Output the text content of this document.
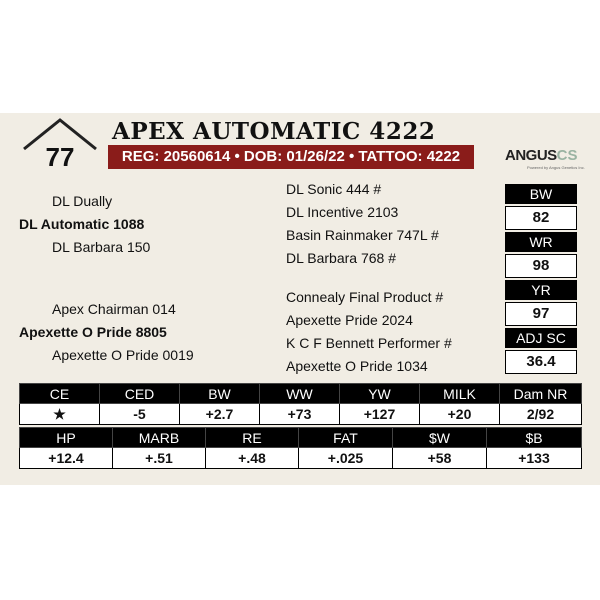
77
APEX AUTOMATIC 4222
REG: 20560614 • DOB: 01/26/22 • TATTOO: 4222	ANGUSCS
Powered by Angus Genetics Inc.
DL Dually
DL Automatic 1088
DL Barbara 150
Apex Chairman 014
Apexette O Pride 8805
Apexette O Pride 0019
DL Sonic 444 #
DL Incentive 2103
Basin Rainmaker 747L #
DL Barbara 768 #
Connealy Final Product #
Apexette Pride 2024
K C F Bennett Performer #
Apexette O Pride 1034
BW
82
WR
98
YR
97
ADJ SC
36.4
CE	CED	BW	WW	YW	MILK	Dam NR
★	-5	+2.7	+73	+127	+20	2/92
HP	MARB	RE	FAT	$W	$B
+12.4	+.51	+.48	+.025	+58	+133
